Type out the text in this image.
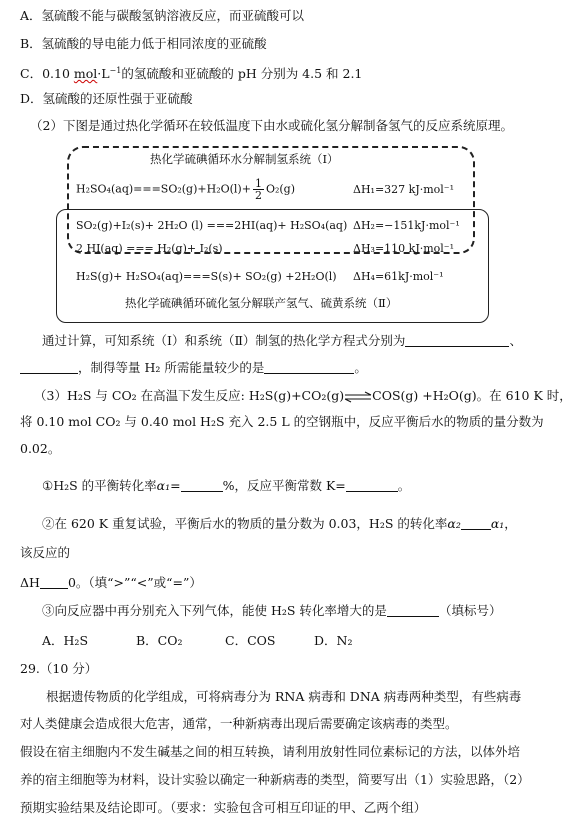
A．氢硫酸不能与碳酸氢钠溶液反应，而亚硫酸可以
B．氢硫酸的导电能力低于相同浓度的亚硫酸
C．0.10 $mol\cdot L^{-1}$的氢硫酸和亚硫酸的 pH 分别为 4.5 和 2.1
D．氢硫酸的还原性强于亚硫酸
（2）下图是通过热化学循环在较低温度下由水或硫化氢分解制备氢气的反应系统原理。
热化学硫碘循环水分解制氢系统（Ⅰ）
$H_2SO_4(aq)===SO_2(g)+H_2O(l)+ \frac{1}{2} O_2(g)$	ΔH₁=327 kJ·mol⁻¹
SO₂(g)+I₂(s)+ 2H₂O (l) ===2HI(aq)+ H₂SO₄(aq) ΔH₂=−151kJ·mol⁻¹
2 HI(aq) === H₂(g)+ I₂(s)	ΔH₃=110 kJ·mol⁻¹
H₂S(g)+ H₂SO₄(aq)===S(s)+ SO₂(g) +2H₂O(l) ΔH₄=61kJ·mol⁻¹
热化学硫碘循环硫化氢分解联产氢气、硫黄系统（Ⅱ）
通过计算，可知系统（Ⅰ）和系统（Ⅱ）制氢的热化学方程式分别为	、
，制得等量 H₂ 所需能量较少的是	。
（3）H₂S 与 CO₂ 在高温下发生反应: H₂S(g)+CO₂(g)⇌COS(g) +H₂O(g)。在 610 K 时，
将 0.10 mol CO₂ 与 0.40 mol H₂S 充入 2.5 L 的空钢瓶中，反应平衡后水的物质的量分数为
0.02。
①H₂S 的平衡转化率α₁=	%，反应平衡常数 K=	。
②在 620 K 重复试验，平衡后水的物质的量分数为 0.03，H₂S 的转化率α₂ α₁，
该反应的
ΔH 0。（填“>”“<”或“=”）
③向反应器中再分别充入下列气体，能使 H₂S 转化率增大的是	（填标号）
A．H₂S	B．CO₂	C．COS	D．N₂
29.（10 分）
根据遗传物质的化学组成，可将病毒分为 RNA 病毒和 DNA 病毒两种类型，有些病毒
对人类健康会造成很大危害，通常，一种新病毒出现后需要确定该病毒的类型。
假设在宿主细胞内不发生碱基之间的相互转换，请利用放射性同位素标记的方法，以体外培
养的宿主细胞等为材料，设计实验以确定一种新病毒的类型，简要写出（1）实验思路，（2）
预期实验结果及结论即可。（要求：实验包含可相互印证的甲、乙两个组）
